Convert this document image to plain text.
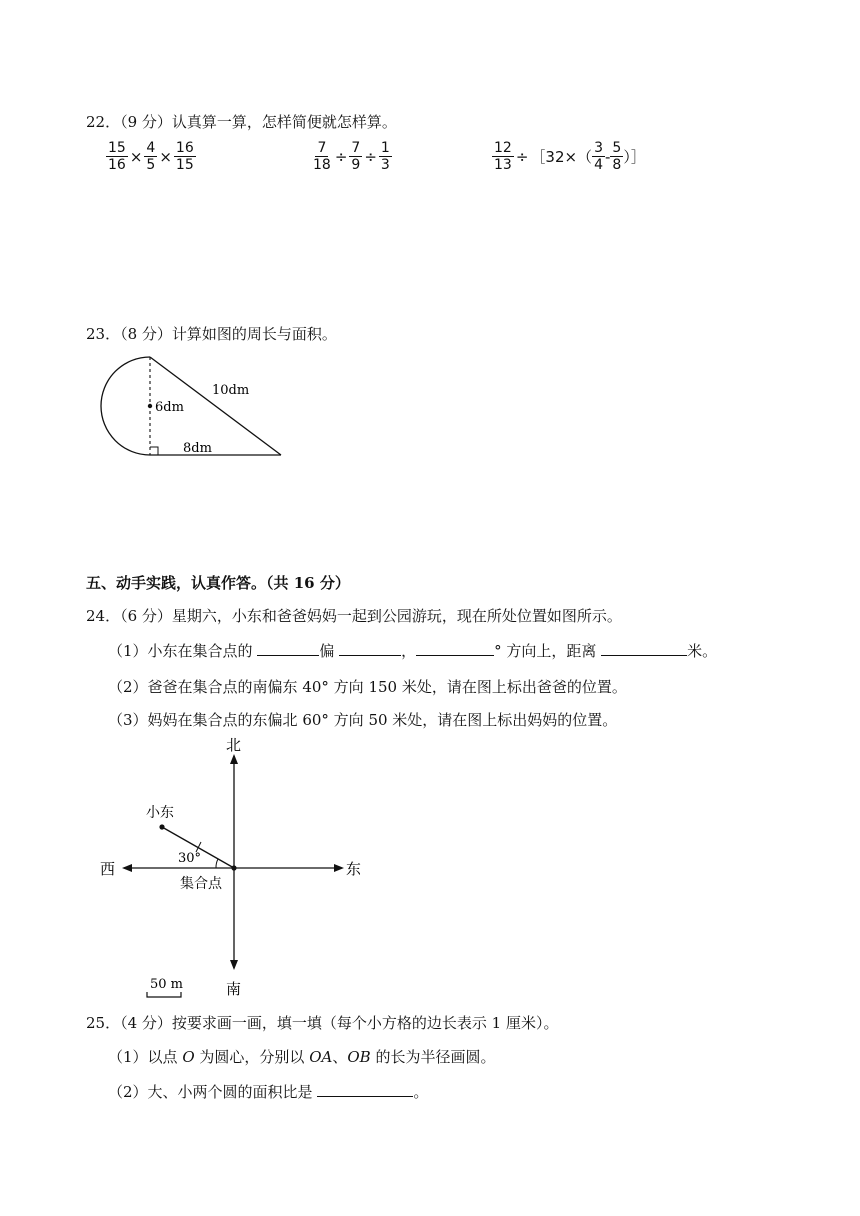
22．（9 分）认真算一算，怎样简便就怎样算。
$\frac{15}{16} \times \frac{4}{5} \times \frac{16}{15}$	$\frac{7}{18} \div \frac{7}{9} \div \frac{1}{3}$	$\frac{12}{13}$ ÷ ［32×（ $\frac{3}{4} - \frac{5}{8}$ ）］
23．（8 分）计算如图的周长与面积。
10dm
6dm
8dm
五、动手实践，认真作答。（共 16 分）
24．（6 分）星期六，小东和爸爸妈妈一起到公园游玩，现在所处位置如图所示。
（1）小东在集合点的	偏	，	° 方向上，距离	米。
（2）爸爸在集合点的南偏东 40° 方向 150 米处，请在图上标出爸爸的位置。
（3）妈妈在集合点的东偏北 60° 方向 50 米处，请在图上标出妈妈的位置。
北
南
西	东
小东
30°
集合点
50 m
25．（4 分）按要求画一画，填一填（每个小方格的边长表示 1 厘米）。
（1）以点 O 为圆心，分别以 OA、OB 的长为半径画圆。
（2）大、小两个圆的面积比是	。
